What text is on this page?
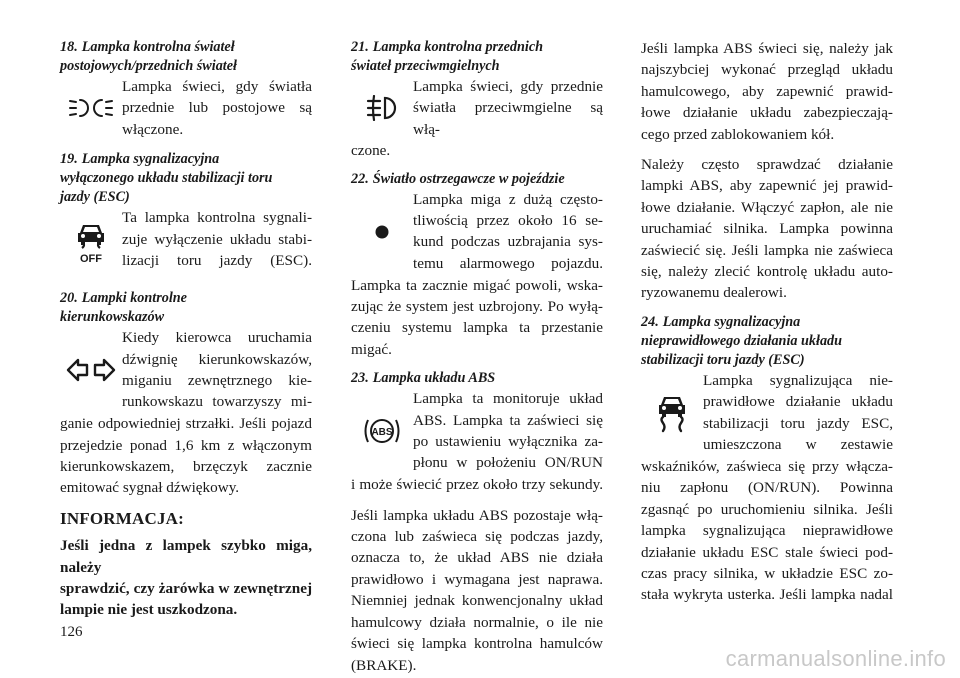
18. Lampka kontrolna świateł
postojowych/przednich świateł
Lampka świeci, gdy światła
przednie lub postojowe są
włączone.
19. Lampka sygnalizacyjna
wyłączonego układu stabilizacji toru
jazdy (ESC)
OFF
Ta lampka kontrolna sygnali-
zuje wyłączenie układu stabi-
lizacji toru jazdy (ESC).
20. Lampki kontrolne
kierunkowskazów
Kiedy kierowca uruchamia
dźwignię kierunkowskazów,
miganiu zewnętrznego kie-
runkowskazu towarzyszy mi-
ganie odpowiedniej strzałki. Jeśli pojazd
przejedzie ponad 1,6 km z włączonym
kierunkowskazem, brzęczyk zacznie
emitować sygnał dźwiękowy.
INFORMACJA:
Jeśli jedna z lampek szybko miga, należy
sprawdzić, czy żarówka w zewnętrznej
lampie nie jest uszkodzona.
21. Lampka kontrolna przednich
świateł przeciwmgielnych
Lampka świeci, gdy przednie
światła przeciwmgielne są włą-
czone.
22. Światło ostrzegawcze w pojeździe
Lampka miga z dużą często-
tliwością przez około 16 se-
kund podczas uzbrajania sys-
temu alarmowego pojazdu.
Lampka ta zacznie migać powoli, wska-
zując że system jest uzbrojony. Po wyłą-
czeniu systemu lampka ta przestanie
migać.
23. Lampka układu ABS
ABS
Lampka ta monitoruje układ
ABS. Lampka ta zaświeci się
po ustawieniu wyłącznika za-
płonu w położeniu ON/RUN
i może świecić przez około trzy sekundy.
Jeśli lampka układu ABS pozostaje włą-
czona lub zaświeca się podczas jazdy,
oznacza to, że układ ABS nie działa
prawidłowo i wymagana jest naprawa.
Niemniej jednak konwencjonalny układ
hamulcowy działa normalnie, o ile nie
świeci się lampka kontrolna hamulców
(BRAKE).
Jeśli lampka ABS świeci się, należy jak
najszybciej wykonać przegląd układu
hamulcowego, aby zapewnić prawid-
łowe działanie układu zabezpieczają-
cego przed zablokowaniem kół.
Należy często sprawdzać działanie
lampki ABS, aby zapewnić jej prawid-
łowe działanie. Włączyć zapłon, ale nie
uruchamiać silnika. Lampka powinna
zaświecić się. Jeśli lampka nie zaświeca
się, należy zlecić kontrolę układu auto-
ryzowanemu dealerowi.
24. Lampka sygnalizacyjna
nieprawidłowego działania układu
stabilizacji toru jazdy (ESC)
Lampka sygnalizująca nie-
prawidłowe działanie układu
stabilizacji toru jazdy ESC,
umieszczona w zestawie
wskaźników, zaświeca się przy włącza-
niu zapłonu (ON/RUN). Powinna
zgasnąć po uruchomieniu silnika. Jeśli
lampka sygnalizująca nieprawidłowe
działanie układu ESC stale świeci pod-
czas pracy silnika, w układzie ESC zo-
stała wykryta usterka. Jeśli lampka nadal
126
carmanualsonline.info
